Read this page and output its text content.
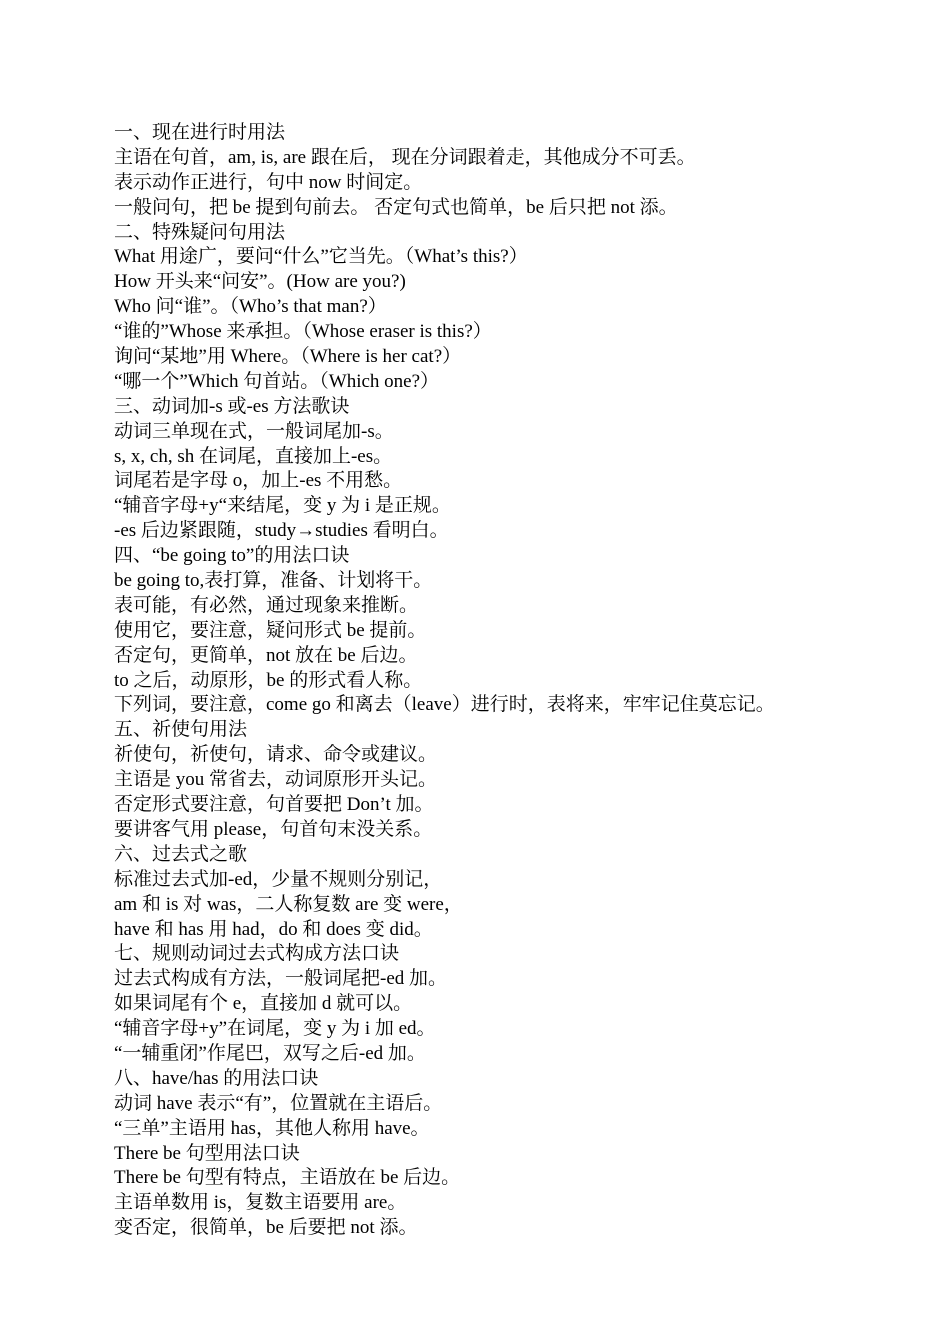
一、现在进行时用法
主语在句首，am, is, are 跟在后， 现在分词跟着走，其他成分不可丢。
表示动作正进行，句中 now 时间定。
一般问句，把 be 提到句前去。 否定句式也简单，be 后只把 not 添。
二、特殊疑问句用法
What 用途广，要问“什么”它当先。（What’s this?）
How 开头来“问安”。(How are you?)
Who 问“谁”。（Who’s that man?）
“谁的”Whose 来承担。（Whose eraser is this?）
询问“某地”用 Where。（Where is her cat?）
“哪一个”Which 句首站。（Which one?）
三、动词加-s 或-es 方法歌诀
动词三单现在式，一般词尾加-s。
s, x, ch, sh 在词尾，直接加上-es。
词尾若是字母 o，加上-es 不用愁。
“辅音字母+y“来结尾，变 y 为 i 是正规。
-es 后边紧跟随，study→studies 看明白。
四、“be going to”的用法口诀
be going to,表打算，准备、计划将干。
表可能，有必然，通过现象来推断。
使用它，要注意，疑问形式 be 提前。
否定句，更简单，not 放在 be 后边。
to 之后，动原形，be 的形式看人称。
下列词，要注意，come go 和离去（leave）进行时，表将来，牢牢记住莫忘记。
五、祈使句用法
祈使句，祈使句，请求、命令或建议。
主语是 you 常省去，动词原形开头记。
否定形式要注意，句首要把 Don’t 加。
要讲客气用 please，句首句末没关系。
六、过去式之歌
标准过去式加-ed，少量不规则分别记，
am 和 is 对 was，二人称复数 are 变 were，
have 和 has 用 had，do 和 does 变 did。
七、规则动词过去式构成方法口诀
过去式构成有方法，一般词尾把-ed 加。
如果词尾有个 e，直接加 d 就可以。
“辅音字母+y”在词尾，变 y 为 i 加 ed。
“一辅重闭”作尾巴，双写之后-ed 加。
八、have/has 的用法口诀
动词 have 表示“有”，位置就在主语后。
“三单”主语用 has，其他人称用 have。
There be 句型用法口诀
There be 句型有特点，主语放在 be 后边。
主语单数用 is，复数主语要用 are。
变否定，很简单，be 后要把 not 添。
